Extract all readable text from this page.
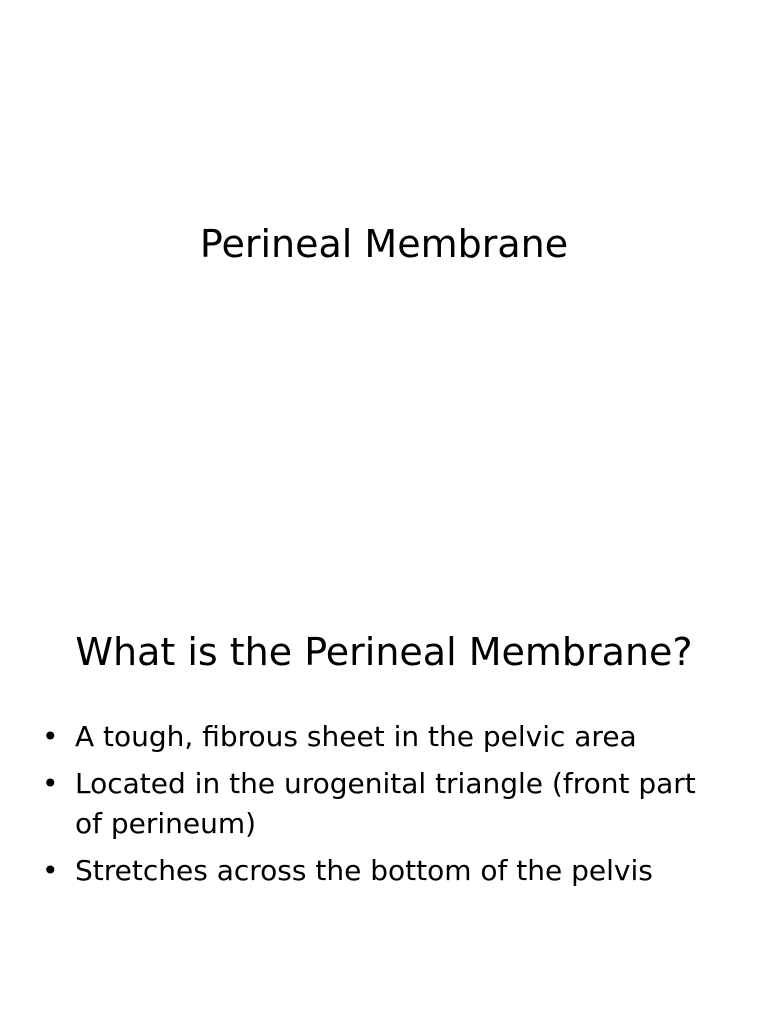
Perineal Membrane
What is the Perineal Membrane?
• A tough, fibrous sheet in the pelvic area
• Located in the urogenital triangle (front part of perineum)
• Stretches across the bottom of the pelvis
